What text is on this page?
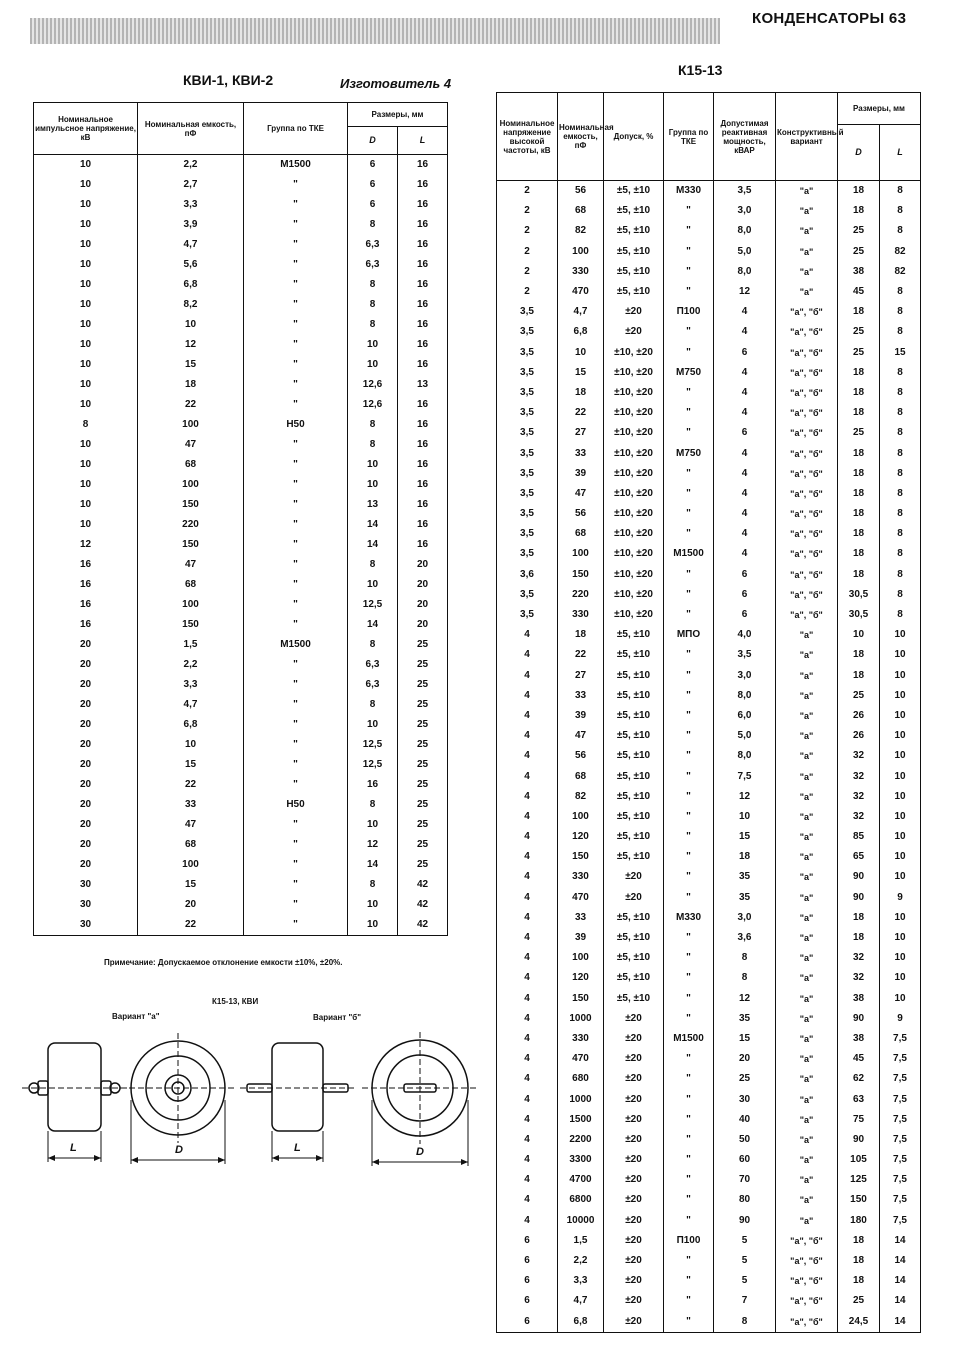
КОНДЕНСАТОРЫ 63
КВИ-1, КВИ-2	Изготовитель 4
Номинальное импульсное напряжение, кВ	Номинальная емкость, пФ	Группа по ТКЕ	Размеры, мм	
			D	L
10	2,2	М1500	6	16
10	2,7	"	6	16
10	3,3	"	6	16
10	3,9	"	8	16
10	4,7	"	6,3	16
10	5,6	"	6,3	16
10	6,8	"	8	16
10	8,2	"	8	16
10	10	"	8	16
10	12	"	10	16
10	15	"	10	16
10	18	"	12,6	13
10	22	"	12,6	16
8	100	Н50	8	16
10	47	"	8	16
10	68	"	10	16
10	100	"	10	16
10	150	"	13	16
10	220	"	14	16
12	150	"	14	16
16	47	"	8	20
16	68	"	10	20
16	100	"	12,5	20
16	150	"	14	20
20	1,5	М1500	8	25
20	2,2	"	6,3	25
20	3,3	"	6,3	25
20	4,7	"	8	25
20	6,8	"	10	25
20	10	"	12,5	25
20	15	"	12,5	25
20	22	"	16	25
20	33	Н50	8	25
20	47	"	10	25
20	68	"	12	25
20	100	"	14	25
30	15	"	8	42
30	20	"	10	42
30	22	"	10	42
Примечание: Допускаемое отклонение емкости ±10%, ±20%.
К15-13, КВИ
Вариант "а"	Вариант "б"
L	D	L	D
К15-13
Номинальное напряжение высокой частоты, кВ	Номинальная емкость, пФ	Допуск, %	Группа по ТКЕ	Допустимая реактивная мощность, кВАР	Конструктивный вариант	Размеры, мм	
						D	L
2	56	±5, ±10	М330	3,5	"а"	18	8
2	68	±5, ±10	"	3,0	"а"	18	8
2	82	±5, ±10	"	8,0	"а"	25	8
2	100	±5, ±10	"	5,0	"а"	25	82
2	330	±5, ±10	"	8,0	"а"	38	82
2	470	±5, ±10	"	12	"а"	45	8
3,5	4,7	±20	П100	4	"а", "б"	18	8
3,5	6,8	±20	"	4	"а", "б"	25	8
3,5	10	±10, ±20	"	6	"а", "б"	25	15
3,5	15	±10, ±20	М750	4	"а", "б"	18	8
3,5	18	±10, ±20	"	4	"а", "б"	18	8
3,5	22	±10, ±20	"	4	"а", "б"	18	8
3,5	27	±10, ±20	"	6	"а", "б"	25	8
3,5	33	±10, ±20	М750	4	"а", "б"	18	8
3,5	39	±10, ±20	"	4	"а", "б"	18	8
3,5	47	±10, ±20	"	4	"а", "б"	18	8
3,5	56	±10, ±20	"	4	"а", "б"	18	8
3,5	68	±10, ±20	"	4	"а", "б"	18	8
3,5	100	±10, ±20	М1500	4	"а", "б"	18	8
3,6	150	±10, ±20	"	6	"а", "б"	18	8
3,5	220	±10, ±20	"	6	"а", "б"	30,5	8
3,5	330	±10, ±20	"	6	"а", "б"	30,5	8
4	18	±5, ±10	МПО	4,0	"а"	10	10
4	22	±5, ±10	"	3,5	"а"	18	10
4	27	±5, ±10	"	3,0	"а"	18	10
4	33	±5, ±10	"	8,0	"а"	25	10
4	39	±5, ±10	"	6,0	"а"	26	10
4	47	±5, ±10	"	5,0	"а"	26	10
4	56	±5, ±10	"	8,0	"а"	32	10
4	68	±5, ±10	"	7,5	"а"	32	10
4	82	±5, ±10	"	12	"а"	32	10
4	100	±5, ±10	"	10	"а"	32	10
4	120	±5, ±10	"	15	"а"	85	10
4	150	±5, ±10	"	18	"а"	65	10
4	330	±20	"	35	"а"	90	10
4	470	±20	"	35	"а"	90	9
4	33	±5, ±10	М330	3,0	"а"	18	10
4	39	±5, ±10	"	3,6	"а"	18	10
4	100	±5, ±10	"	8	"а"	32	10
4	120	±5, ±10	"	8	"а"	32	10
4	150	±5, ±10	"	12	"а"	38	10
4	1000	±20	"	35	"а"	90	9
4	330	±20	М1500	15	"а"	38	7,5
4	470	±20	"	20	"а"	45	7,5
4	680	±20	"	25	"а"	62	7,5
4	1000	±20	"	30	"а"	63	7,5
4	1500	±20	"	40	"а"	75	7,5
4	2200	±20	"	50	"а"	90	7,5
4	3300	±20	"	60	"а"	105	7,5
4	4700	±20	"	70	"а"	125	7,5
4	6800	±20	"	80	"а"	150	7,5
4	10000	±20	"	90	"а"	180	7,5
6	1,5	±20	П100	5	"а", "б"	18	14
6	2,2	±20	"	5	"а", "б"	18	14
6	3,3	±20	"	5	"а", "б"	18	14
6	4,7	±20	"	7	"а", "б"	25	14
6	6,8	±20	"	8	"а", "б"	24,5	14
